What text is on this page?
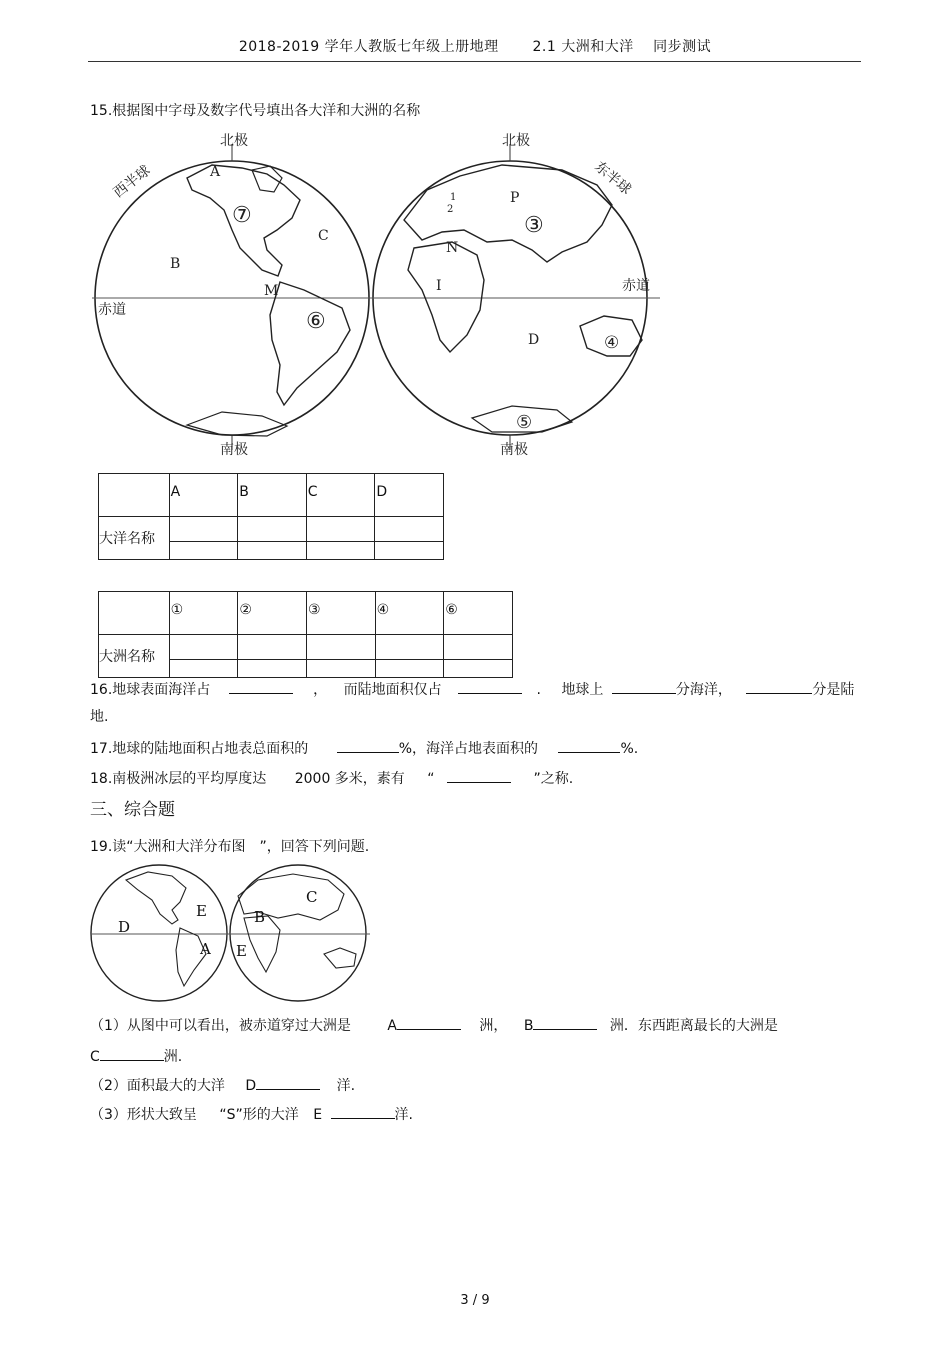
2018-2019 学年人教版七年级上册地理　　 2.1 大洲和大洋　 同步测试
15.根据图中字母及数字代号填出各大洋和大洲的名称
北极	北极
南极	南极
西半球	东半球
赤道
赤道
A
B
C
M
N
I
P
D
1
2
⑦
⑥
③
④
⑤

	A	B	C	D

大洋名称	

	①	②	③	④	⑥

大洲名称	

16.地球表面海洋占	， 而陆地面积仅占	. 地球上	分海洋，	分是陆
地.
17.地球的陆地面积占地表总面积的	%，海洋占地表面积的	%.
18.南极洲冰层的平均厚度达 2000 多米，素有 “	”之称.
三、综合题
19.读“大洲和大洋分布图　”，回答下列问题.
E
D
A
B
C
E
（1）从图中可以看出，被赤道穿过大洲是	A	洲， B	洲．东西距离最长的大洲是
C	洲.
（2）面积最大的大洋 D	洋.
（3）形状大致呈 “S”形的大洋 E	洋.
3 / 9
